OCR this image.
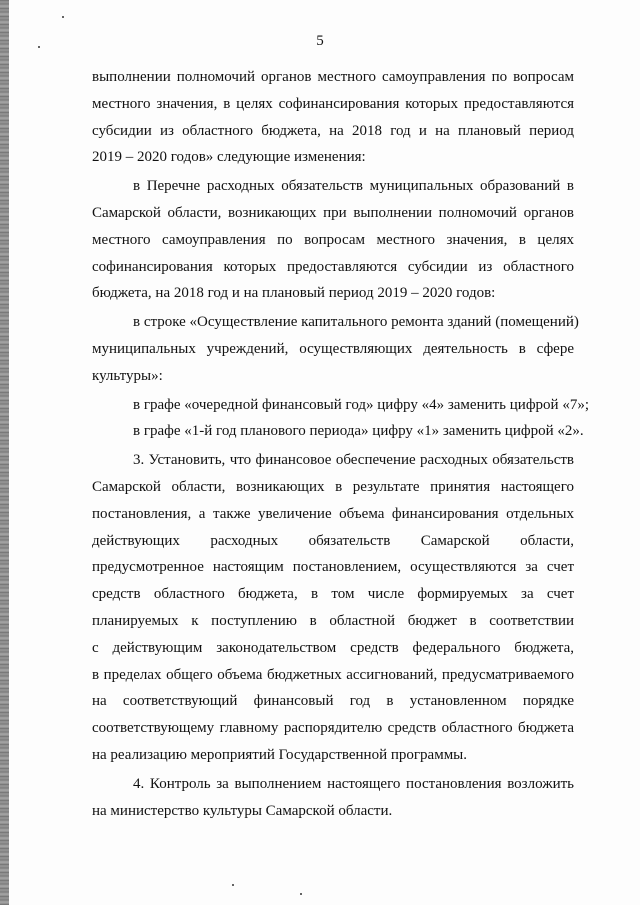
5
выполнении полномочий органов местного самоуправления по вопросам
местного значения, в целях софинансирования которых предоставляются
субсидии из областного бюджета, на 2018 год и на плановый период
2019 – 2020 годов» следующие изменения:
в Перечне расходных обязательств муниципальных образований в
Самарской области, возникающих при выполнении полномочий органов
местного самоуправления по вопросам местного значения, в целях
софинансирования которых предоставляются субсидии из областного
бюджета, на 2018 год и на плановый период 2019 – 2020 годов:
в строке «Осуществление капитального ремонта зданий (помещений)
муниципальных учреждений, осуществляющих деятельность в сфере
культуры»:
в графе «очередной финансовый год» цифру «4» заменить цифрой «7»;
в графе «1-й год планового периода» цифру «1» заменить цифрой «2».
3. Установить, что финансовое обеспечение расходных обязательств
Самарской области, возникающих в результате принятия настоящего
постановления, а также увеличение объема финансирования отдельных
действующих расходных обязательств Самарской области,
предусмотренное настоящим постановлением, осуществляются за счет
средств областного бюджета, в том числе формируемых за счет
планируемых к поступлению в областной бюджет в соответствии
с действующим законодательством средств федерального бюджета,
в пределах общего объема бюджетных ассигнований, предусматриваемого
на соответствующий финансовый год в установленном порядке
соответствующему главному распорядителю средств областного бюджета
на реализацию мероприятий Государственной программы.
4. Контроль за выполнением настоящего постановления возложить
на министерство культуры Самарской области.
